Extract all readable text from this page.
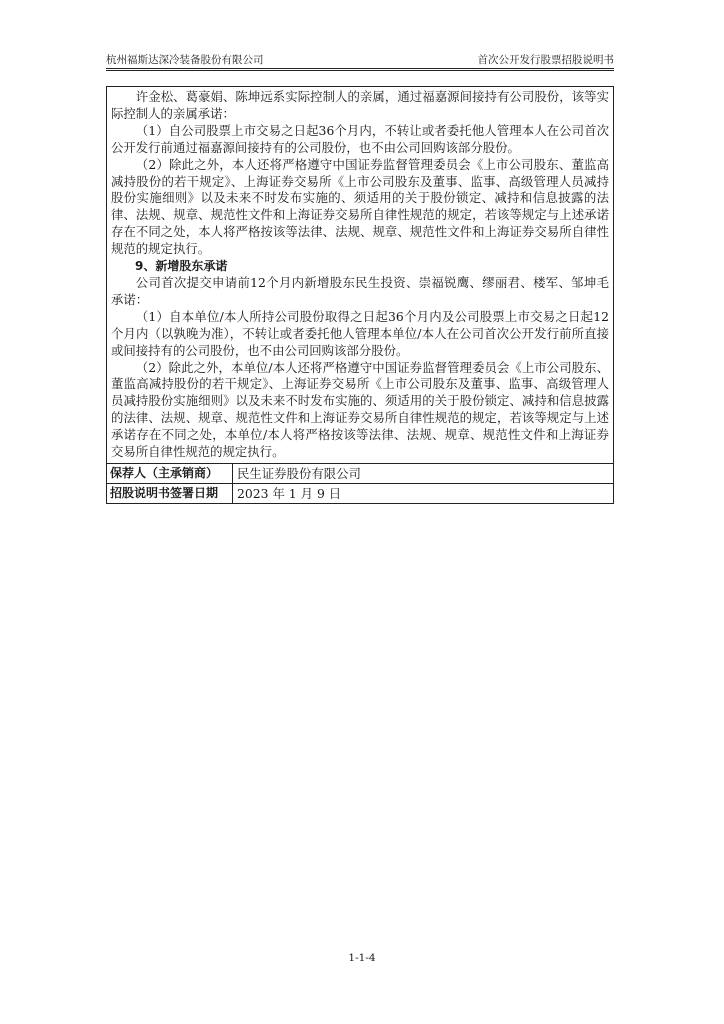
杭州福斯达深冷装备股份有限公司	首次公开发行股票招股说明书

许金松、葛豪娟、陈坤远系实际控制人的亲属，通过福嘉源间接持有公司股份，该等实际控制人的亲属承诺：

（1）自公司股票上市交易之日起36个月内，不转让或者委托他人管理本人在公司首次公开发行前通过福嘉源间接持有的公司股份，也不由公司回购该部分股份。

（2）除此之外，本人还将严格遵守中国证券监督管理委员会《上市公司股东、董监高减持股份的若干规定》、上海证券交易所《上市公司股东及董事、监事、高级管理人员减持股份实施细则》以及未来不时发布实施的、须适用的关于股份锁定、减持和信息披露的法律、法规、规章、规范性文件和上海证券交易所自律性规范的规定，若该等规定与上述承诺存在不同之处，本人将严格按该等法律、法规、规章、规范性文件和上海证券交易所自律性规范的规定执行。

9、新增股东承诺

公司首次提交申请前12个月内新增股东民生投资、崇福锐鹰、缪丽君、楼军、邹坤毛承诺：

（1）自本单位/本人所持公司股份取得之日起36个月内及公司股票上市交易之日起12个月内（以孰晚为准），不转让或者委托他人管理本单位/本人在公司首次公开发行前所直接或间接持有的公司股份，也不由公司回购该部分股份。

（2）除此之外，本单位/本人还将严格遵守中国证券监督管理委员会《上市公司股东、董监高减持股份的若干规定》、上海证券交易所《上市公司股东及董事、监事、高级管理人员减持股份实施细则》以及未来不时发布实施的、须适用的关于股份锁定、减持和信息披露的法律、法规、规章、规范性文件和上海证券交易所自律性规范的规定，若该等规定与上述承诺存在不同之处，本单位/本人将严格按该等法律、法规、规章、规范性文件和上海证券交易所自律性规范的规定执行。

保荐人（主承销商）	民生证券股份有限公司
招股说明书签署日期	2023 年 1 月 9 日
1-1-4
